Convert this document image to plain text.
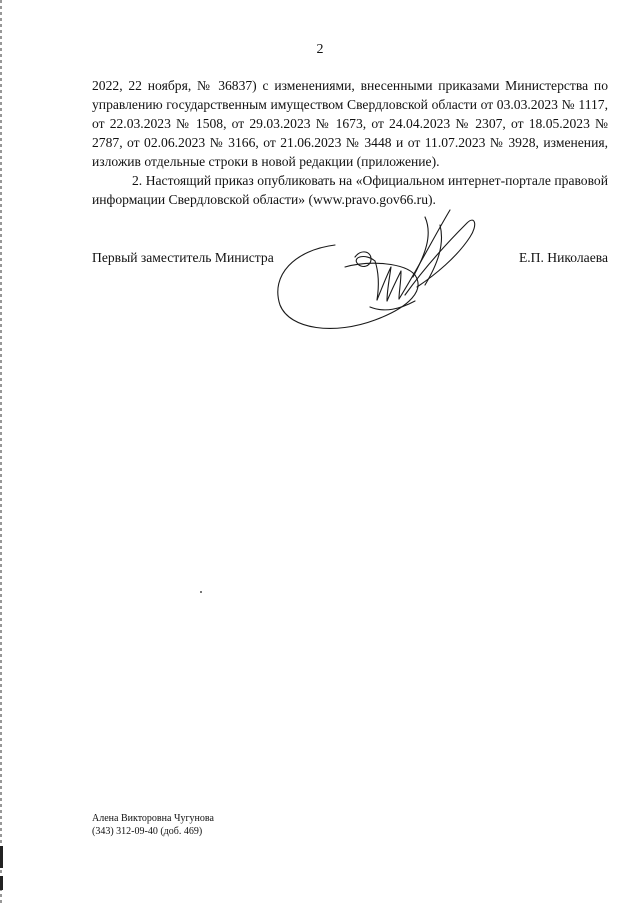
2

2022, 22 ноября, № 36837) с изменениями, внесенными приказами Министерства по управлению государственным имуществом Свердловской области от 03.03.2023 № 1117, от 22.03.2023 № 1508, от 29.03.2023 № 1673, от 24.04.2023 № 2307, от 18.05.2023 № 2787, от 02.06.2023 № 3166, от 21.06.2023 № 3448 и от 11.07.2023 № 3928, изменения, изложив отдельные строки в новой редакции (приложение).

2. Настоящий приказ опубликовать на «Официальном интернет-портале правовой информации Свердловской области» (www.pravo.gov66.ru).

Первый заместитель Министра	Е.П. Николаева
Алена Викторовна Чугунова
(343) 312-09-40 (доб. 469)
